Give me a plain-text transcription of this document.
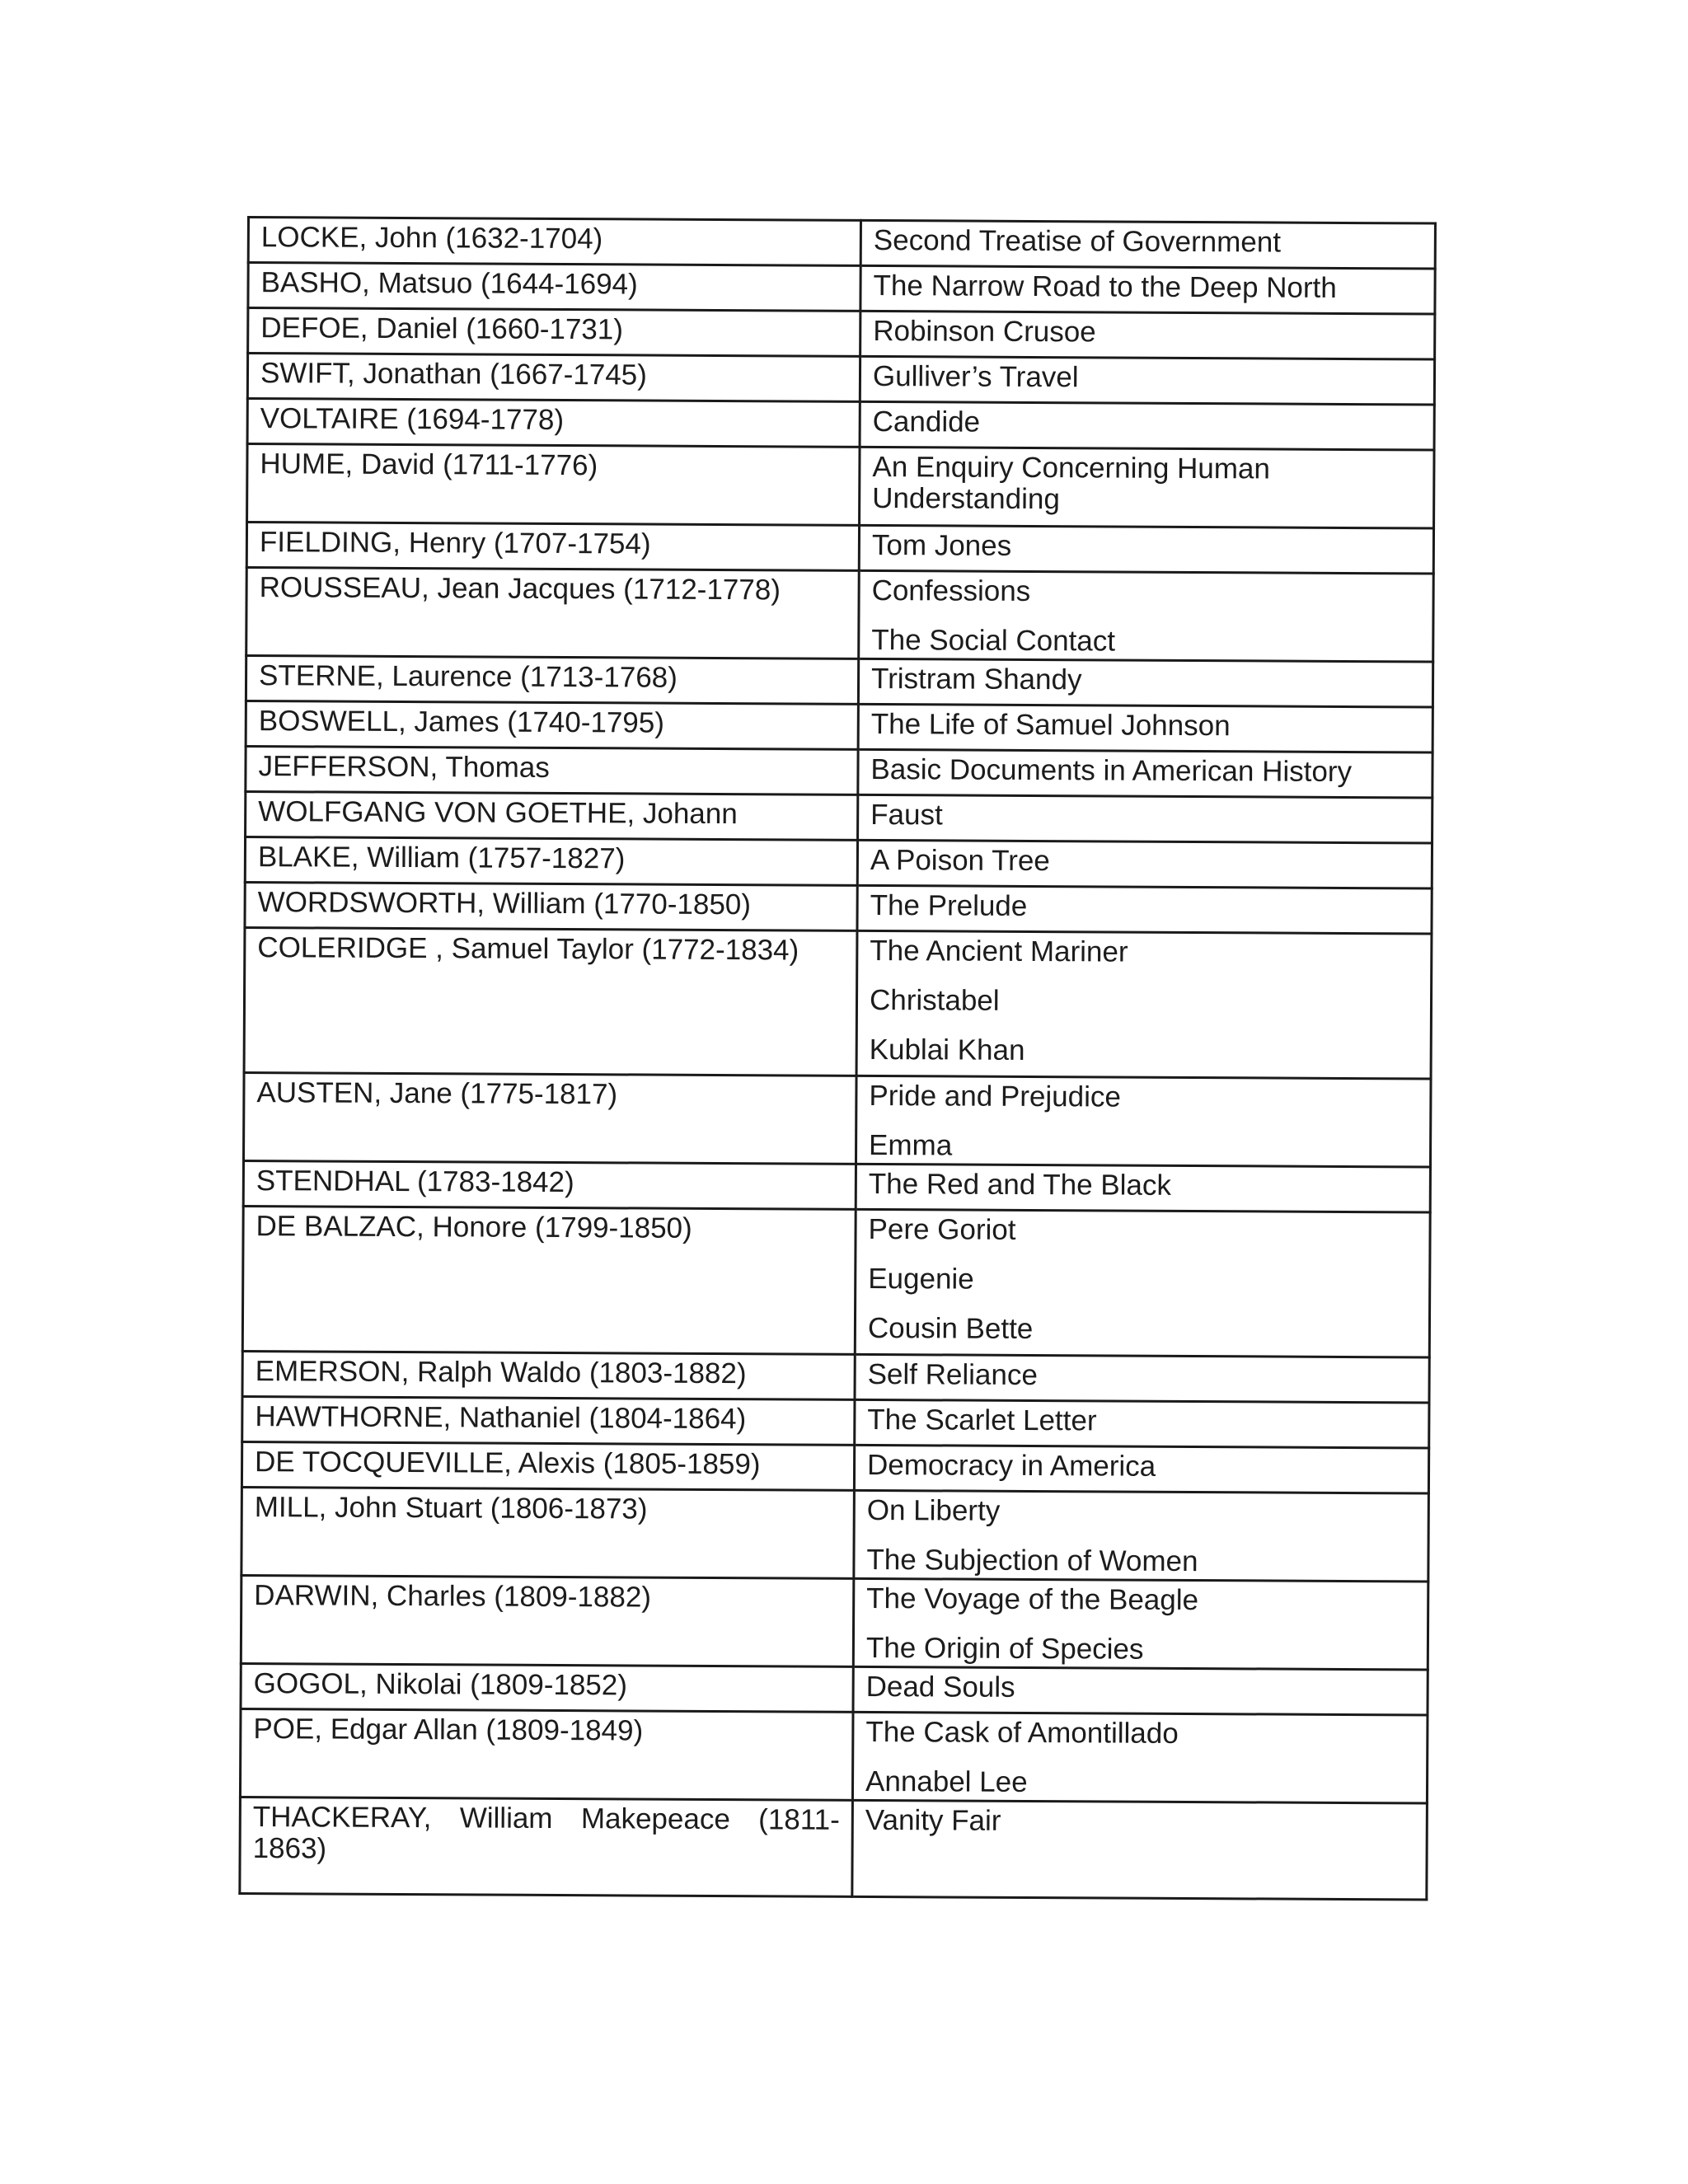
LOCKE, John (1632-1704)	Second Treatise of Government

BASHO, Matsuo (1644-1694)	The Narrow Road to the Deep North

DEFOE, Daniel (1660-1731)	Robinson Crusoe

SWIFT, Jonathan (1667-1745)	Gulliver’s Travel

VOLTAIRE (1694-1778)	Candide

HUME, David (1711-1776)	An Enquiry Concerning Human Understanding

FIELDING, Henry (1707-1754)	Tom Jones

ROUSSEAU, Jean Jacques (1712-1778)	Confessions
The Social Contact

STERNE, Laurence (1713-1768)	Tristram Shandy

BOSWELL, James (1740-1795)	The Life of Samuel Johnson

JEFFERSON, Thomas	Basic Documents in American History

WOLFGANG VON GOETHE, Johann	Faust

BLAKE, William (1757-1827)	A Poison Tree

WORDSWORTH, William (1770-1850)	The Prelude

COLERIDGE , Samuel Taylor (1772-1834)	The Ancient Mariner
Christabel
Kublai Khan

AUSTEN, Jane (1775-1817)	Pride and Prejudice
Emma

STENDHAL (1783-1842)	The Red and The Black

DE BALZAC, Honore (1799-1850)	Pere Goriot
Eugenie
Cousin Bette

EMERSON, Ralph Waldo (1803-1882)	Self Reliance

HAWTHORNE, Nathaniel (1804-1864)	The Scarlet Letter

DE TOCQUEVILLE, Alexis (1805-1859)	Democracy in America

MILL, John Stuart (1806-1873)	On Liberty
The Subjection of Women

DARWIN, Charles (1809-1882)	The Voyage of the Beagle
The Origin of Species

GOGOL, Nikolai (1809-1852)	Dead Souls

POE, Edgar Allan (1809-1849)	The Cask of Amontillado
Annabel Lee

THACKERAY, William Makepeace (1811-1863)	Vanity Fair
